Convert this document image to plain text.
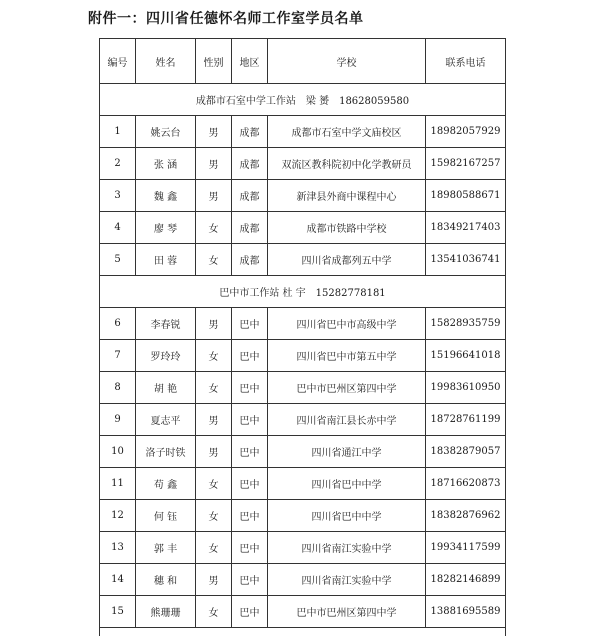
附件一：四川省任德怀名师工作室学员名单
编号	姓名	性别	地区	学校	联系电话
成都市石室中学工作站　梁 赟　18628059580					
1	姚云台	男	成都	成都市石室中学文庙校区	18982057929
2	张 涵	男	成都	双流区教科院初中化学教研员	15982167257
3	魏 鑫	男	成都	新津县外商中课程中心	18980588671
4	廖 琴	女	成都	成都市铁路中学校	18349217403
5	田 蓉	女	成都	四川省成都列五中学	13541036741
巴中市工作站 杜 宇　15282778181					
6	李春锐	男	巴中	四川省巴中市高级中学	15828935759
7	罗玲玲	女	巴中	四川省巴中市第五中学	15196641018
8	胡 艳	女	巴中	巴中市巴州区第四中学	19983610950
9	夏志平	男	巴中	四川省南江县长赤中学	18728761199
10	洛子时铁	男	巴中	四川省通江中学	18382879057
11	苟 鑫	女	巴中	四川省巴中中学	18716620873
12	何 钰	女	巴中	四川省巴中中学	18382876962
13	郭 丰	女	巴中	四川省南江实验中学	19934117599
14	穗 和	男	巴中	四川省南江实验中学	18282146899
15	熊珊珊	女	巴中	巴中市巴州区第四中学	13881695589
